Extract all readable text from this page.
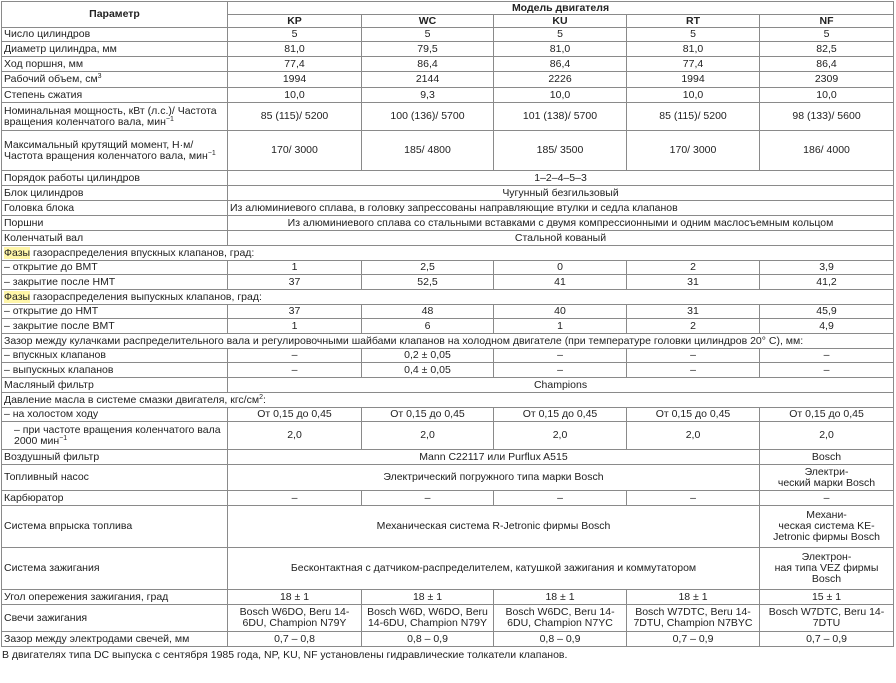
Параметр	Модель двигателя				
	KP	WC	KU	RT	NF
Число цилиндров	5	5	5	5	5
Диаметр цилиндра, мм	81,0	79,5	81,0	81,0	82,5
Ход поршня, мм	77,4	86,4	86,4	77,4	86,4
Рабочий объем, $см^3$	1994	2144	2226	1994	2309
Степень сжатия	10,0	9,3	10,0	10,0	10,0
Номинальная мощность, кВт (л.с.)/ Частота вращения коленчатого вала, мин$^{-1}$	85 (115)/ 5200	100 (136)/ 5700	101 (138)/ 5700	85 (115)/ 5200	98 (133)/ 5600
Максимальный крутящий момент, Н·м/ Частота вращения коленчатого вала, мин$^{-1}$	170/ 3000	185/ 4800	185/ 3500	170/ 3000	186/ 4000
Порядок работы цилиндров	1–2–4–5–3				
Блок цилиндров	Чугунный безгильзовый				
Головка блока	Из алюминиевого сплава, в головку запрессованы направляющие втулки и седла клапанов				
Поршни	Из алюминиевого сплава со стальными вставками с двумя компрессионными и одним маслосъемным кольцом				
Коленчатый вал	Стальной кованый				
Фазы газораспределения впускных клапанов, град:					
– открытие до ВМТ	1	2,5	0	2	3,9
– закрытие после НМТ	37	52,5	41	31	41,2
Фазы газораспределения выпускных клапанов, град:					
– открытие до НМТ	37	48	40	31	45,9
– закрытие после ВМТ	1	6	1	2	4,9
Зазор между кулачками распределительного вала и регулировочными шайбами клапанов на холодном двигателе (при температуре головки цилиндров 20° С), мм:					
– впускных клапанов	–	0,2 ± 0,05	–	–	–
– выпускных клапанов	–	0,4 ± 0,05	–	–	–
Масляный фильтр	Champions				
Давление масла в системе смазки двигателя, кгс/$см^2$:					
– на холостом ходу	От 0,15 до 0,45	От 0,15 до 0,45	От 0,15 до 0,45	От 0,15 до 0,45	От 0,15 до 0,45
– при частоте вращения коленчатого вала 2000 мин$^{-1}$	2,0	2,0	2,0	2,0	2,0
Воздушный фильтр	Mann C22117 или Purflux A515				Bosch
Топливный насос	Электрический погружного типа марки Bosch				Электри-
ческий марки Bosch
Карбюратор	–	–	–	–	–
Система впрыска топлива	Механическая система R-Jetronic фирмы Bosch				Механи-
ческая система KE-
Jetronic фирмы Bosch
Система зажигания	Бесконтактная с датчиком-распределителем, катушкой зажигания и коммутатором				Электрон-
ная типа VEZ фирмы
Bosch
Угол опережения зажигания, град	18 ± 1	18 ± 1	18 ± 1	18 ± 1	15 ± 1
Свечи зажигания	Bosch W6DO, Beru 14-6DU, Champion N79Y	Bosch W6D, W6DO, Beru 14-6DU, Champion N79Y	Bosch W6DC, Beru 14-6DU, Champion N7YC	Bosch W7DTC, Beru 14-7DTU, Champion N7BYC	Bosch W7DTC, Beru 14-7DTU
Зазор между электродами свечей, мм	0,7 – 0,8	0,8 – 0,9	0,8 – 0,9	0,7 – 0,9	0,7 – 0,9
В двигателях типа DC выпуска с сентября 1985 года, NP, KU, NF установлены гидравлические толкатели клапанов.
